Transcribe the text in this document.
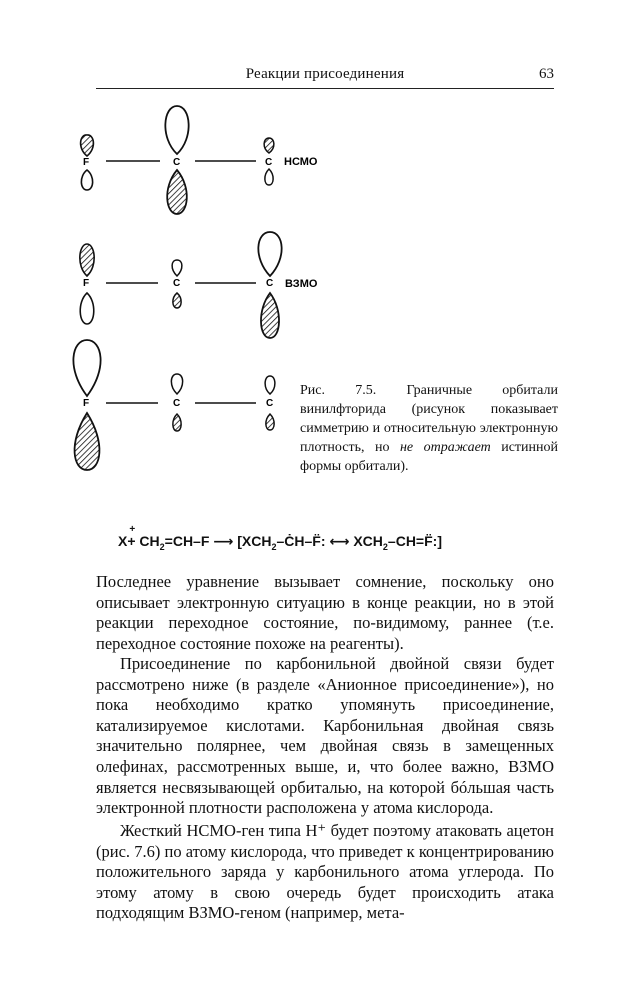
Реакции присоединения	63
F	C	C НСМО
F	C	C ВЗМО
F	C	C
Рис. 7.5. Граничные орбитали винилфторида (рисунок показывает симметрию и относительную электронную плотность, но не отражает истинной формы орбитали).
$X+ CH_2=CH-F$ ⟶ [$XCH_2-ĊH-F̈$: ⟷ $XCH_2-CH=F̈$:]

Последнее уравнение вызывает сомнение, поскольку оно описывает электронную ситуацию в конце реакции, но в этой реакции переходное состояние, по-видимому, раннее (т.е. переходное состояние похоже на реагенты).

Присоединение по карбонильной двойной связи будет рассмотрено ниже (в разделе «Анионное присоединение»), но пока необходимо кратко упомянуть присоединение, катализируемое кислотами. Карбонильная двойная связь значительно полярнее, чем двойная связь в замещенных олефинах, рассмотренных выше, и, что более важно, ВЗМО является несвязывающей орбиталью, на которой бóльшая часть электронной плотности расположена у атома кислорода.

Жесткий НСМО-ген типа Н⁺ будет поэтому атаковать ацетон (рис. 7.6) по атому кислорода, что приведет к концентрированию положительного заряда у карбонильного атома углерода. По этому атому в свою очередь будет происходить атака подходящим ВЗМО-геном (например, мета-
